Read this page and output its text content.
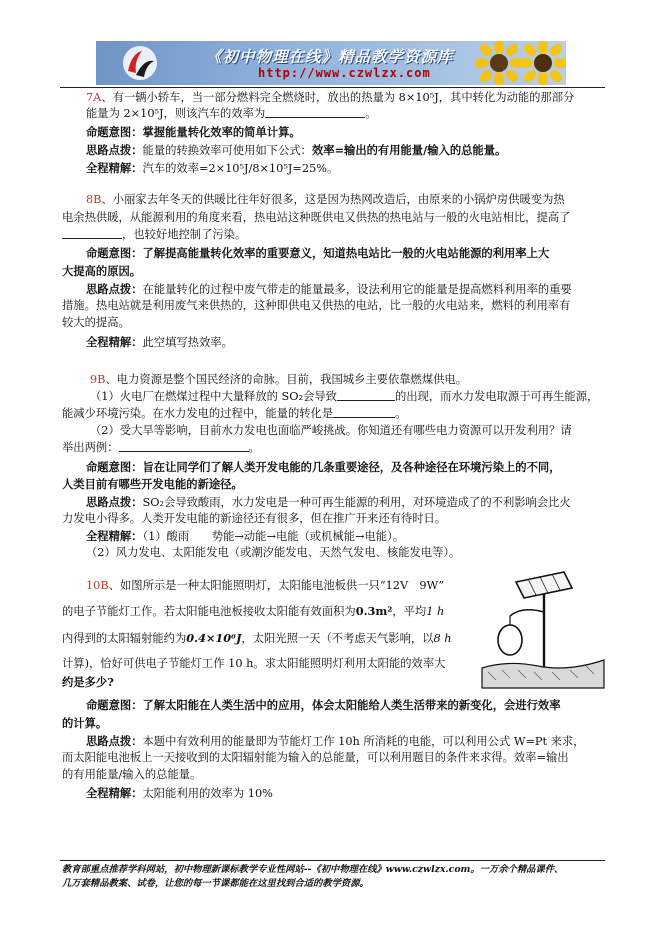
《初中物理在线》精品教学资源库
http://www.czwlzx.com
7A、有一辆小轿车，当一部分燃料完全燃烧时，放出的热量为 8×10⁵J，其中转化为动能的那部分
能量为 2×10⁵J，则该汽车的效率为	。
命题意图：掌握能量转化效率的简单计算。
思路点拨：能量的转换效率可使用如下公式：效率=输出的有用能量/输入的总能量。
全程精解：汽车的效率=2×10⁵J/8×10⁵J=25%。
8B、小丽家去年冬天的供暖比往年好很多，这是因为热网改造后，由原来的小锅炉房供暖变为热
电余热供暖，从能源利用的角度来看，热电站这种既供电又供热的热电站与一般的火电站相比，提高了
，也较好地控制了污染。
命题意图：了解提高能量转化效率的重要意义，知道热电站比一般的火电站能源的利用率上大
大提高的原因。
思路点拨：在能量转化的过程中废气带走的能量最多，设法利用它的能量是提高燃料利用率的重要
措施。热电站就是利用废气来供热的，这种即供电又供热的电站，比一般的火电站来，燃料的利用率有
较大的提高。
全程精解：此空填写热效率。
9B、电力资源是整个国民经济的命脉。目前，我国城乡主要依靠燃煤供电。
（1）火电厂在燃煤过程中大量释放的 SO₂会导致	的出现，而水力发电取源于可再生能源，
能减少环境污染。在水力发电的过程中，能量的转化是	。
（2）受大旱等影响，目前水力发电也面临严峻挑战。你知道还有哪些电力资源可以开发利用？请
举出两例：	。
命题意图：旨在让同学们了解人类开发电能的几条重要途径，及各种途径在环境污染上的不同，
人类目前有哪些开发电能的新途径。
思路点拨：SO₂会导致酸雨，水力发电是一种可再生能源的利用，对环境造成了的不利影响会比火
力发电小得多。人类开发电能的新途径还有很多，但在推广开来还有待时日。
全程精解：（1）酸雨　　势能→动能→电能（或机械能→电能）。
（2）风力发电、太阳能发电（或潮汐能发电、天然气发电、核能发电等）。
10B、如图所示是一种太阳能照明灯，太阳能电池板供一只“12V　9W”
的电子节能灯工作。若太阳能电池板接收太阳能有效面积为0.3m²，平均1 h
内得到的太阳辐射能约为0.4×10⁶J，太阳光照一天（不考虑天气影响，以8 h
计算)，恰好可供电子节能灯工作 10 h。求太阳能照明灯利用太阳能的效率大
约是多少?
命题意图：了解太阳能在人类生活中的应用，体会太阳能给人类生活带来的新变化，会进行效率
的计算。
思路点拨：本题中有效利用的能量即为节能灯工作 10h 所消耗的电能，可以利用公式 W=Pt 来求，
而太阳能电池板上一天接收到的太阳辐射能为输入的总能量，可以利用题目的条件来求得。效率=输出
的有用能量/输入的总能量。
全程精解：太阳能利用的效率为 10%
教育部重点推荐学科网站，初中物理新课标教学专业性网站--《初中物理在线》www.czwlzx.com。一万余个精品课件、
几万套精品教案、试卷，让您的每一节课都能在这里找到合适的教学资源。
